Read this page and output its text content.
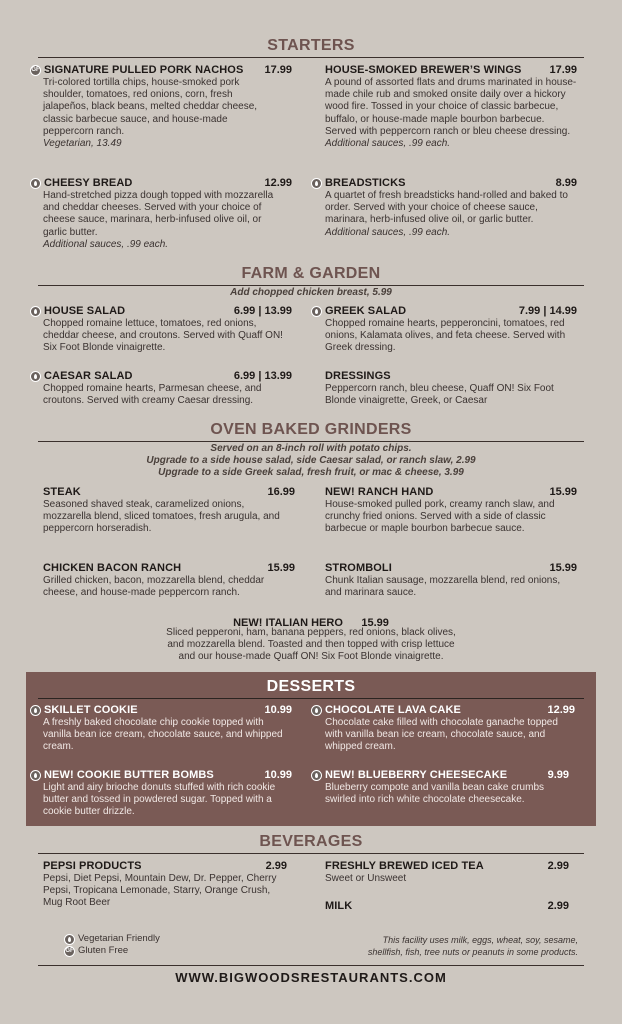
STARTERS
GF SIGNATURE PULLED PORK NACHOS 17.99
Tri-colored tortilla chips, house-smoked pork shoulder, tomatoes, red onions, corn, fresh jalapeños, black beans, melted cheddar cheese, classic barbecue sauce, and house-made peppercorn ranch.
Vegetarian, 13.49
HOUSE-SMOKED BREWER’S WINGS	17.99
A pound of assorted flats and drums marinated in house-made chile rub and smoked onsite daily over a hickory wood fire. Tossed in your choice of classic barbecue, buffalo, or house-made maple bourbon barbecue. Served with peppercorn ranch or bleu cheese dressing.
Additional sauces, .99 each.
CHEESY BREAD	12.99
Hand-stretched pizza dough topped with mozzarella and cheddar cheeses. Served with your choice of cheese sauce, marinara, herb-infused olive oil, or garlic butter.
Additional sauces, .99 each.
BREADSTICKS	8.99
A quartet of fresh breadsticks hand-rolled and baked to order. Served with your choice of cheese sauce, marinara, herb-infused olive oil, or garlic butter.
Additional sauces, .99 each.
FARM & GARDEN
Add chopped chicken breast, 5.99
HOUSE SALAD	6.99 | 13.99
Chopped romaine lettuce, tomatoes, red onions, cheddar cheese, and croutons. Served with Quaff ON! Six Foot Blonde vinaigrette.
GREEK SALAD	7.99 | 14.99
Chopped romaine hearts, pepperoncini, tomatoes, red onions, Kalamata olives, and feta cheese. Served with Greek dressing.
CAESAR SALAD	6.99 | 13.99
Chopped romaine hearts, Parmesan cheese, and croutons. Served with creamy Caesar dressing.
DRESSINGS
Peppercorn ranch, bleu cheese, Quaff ON! Six Foot Blonde vinaigrette, Greek, or Caesar
OVEN BAKED GRINDERS
Served on an 8-inch roll with potato chips.
Upgrade to a side house salad, side Caesar salad, or ranch slaw, 2.99
Upgrade to a side Greek salad, fresh fruit, or mac & cheese, 3.99
STEAK	16.99
Seasoned shaved steak, caramelized onions, mozzarella blend, sliced tomatoes, fresh arugula, and peppercorn horseradish.
NEW! RANCH HAND	15.99
House-smoked pulled pork, creamy ranch slaw, and crunchy fried onions. Served with a side of classic barbecue or maple bourbon barbecue sauce.
CHICKEN BACON RANCH	15.99
Grilled chicken, bacon, mozzarella blend, cheddar cheese, and house-made peppercorn ranch.
STROMBOLI	15.99
Chunk Italian sausage, mozzarella blend, red onions, and marinara sauce.
NEW! ITALIAN HERO 15.99
Sliced pepperoni, ham, banana peppers, red onions, black olives,
and mozzarella blend. Toasted and then topped with crisp lettuce
and our house-made Quaff ON! Six Foot Blonde vinaigrette.
DESSERTS
SKILLET COOKIE	10.99
A freshly baked chocolate chip cookie topped with vanilla bean ice cream, chocolate sauce, and whipped cream.
CHOCOLATE LAVA CAKE	12.99
Chocolate cake filled with chocolate ganache topped with vanilla bean ice cream, chocolate sauce, and whipped cream.
NEW! COOKIE BUTTER BOMBS	10.99
Light and airy brioche donuts stuffed with rich cookie butter and tossed in powdered sugar. Topped with a cookie butter drizzle.
NEW! BLUEBERRY CHEESECAKE	9.99
Blueberry compote and vanilla bean cake crumbs swirled into rich white chocolate cheesecake.
BEVERAGES
PEPSI PRODUCTS	2.99
Pepsi, Diet Pepsi, Mountain Dew, Dr. Pepper, Cherry Pepsi, Tropicana Lemonade, Starry, Orange Crush, Mug Root Beer
FRESHLY BREWED ICED TEA	2.99
Sweet or Unsweet
MILK	2.99
Vegetarian Friendly
GF Gluten Free
This facility uses milk, eggs, wheat, soy, sesame,
shellfish, fish, tree nuts or peanuts in some products.
WWW.BIGWOODSRESTAURANTS.COM
